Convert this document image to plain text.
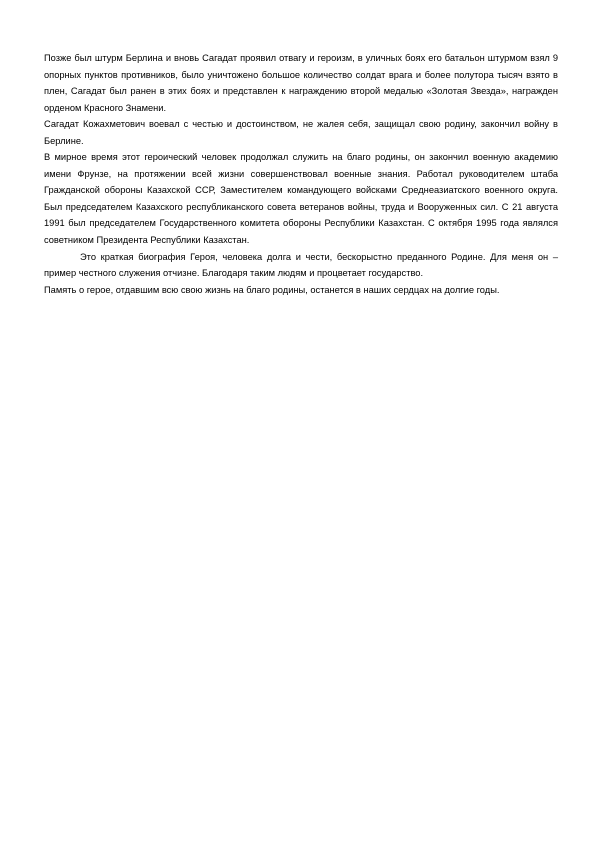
Позже был штурм Берлина и вновь Сагадат проявил отвагу и героизм, в уличных боях его батальон штурмом взял 9 опорных пунктов противников, было уничтожено большое количество солдат врага и более полутора тысяч взято в плен, Сагадат был ранен в этих боях и представлен к награждению второй медалью «Золотая Звезда», награжден орденом Красного Знамени.

Сагадат Кожахметович воевал с честью и достоинством, не жалея себя, защищал свою родину, закончил войну в Берлине.

В мирное время этот героический человек продолжал служить на благо родины, он закончил военную академию имени Фрунзе, на протяжении всей жизни совершенствовал военные знания. Работал руководителем штаба Гражданской обороны Казахской ССР, Заместителем командующего войсками Среднеазиатского военного округа. Был председателем Казахского республиканского совета ветеранов войны, труда и Вооруженных сил. С 21 августа 1991 был председателем Государственного комитета обороны Республики Казахстан. С октября 1995 года являлся советником Президента Республики Казахстан.

Это краткая биография Героя, человека долга и чести, бескорыстно преданного Родине. Для меня он – пример честного служения отчизне. Благодаря таким людям и процветает государство.

Память о герое, отдавшим всю свою жизнь на благо родины, останется в наших сердцах на долгие годы.
